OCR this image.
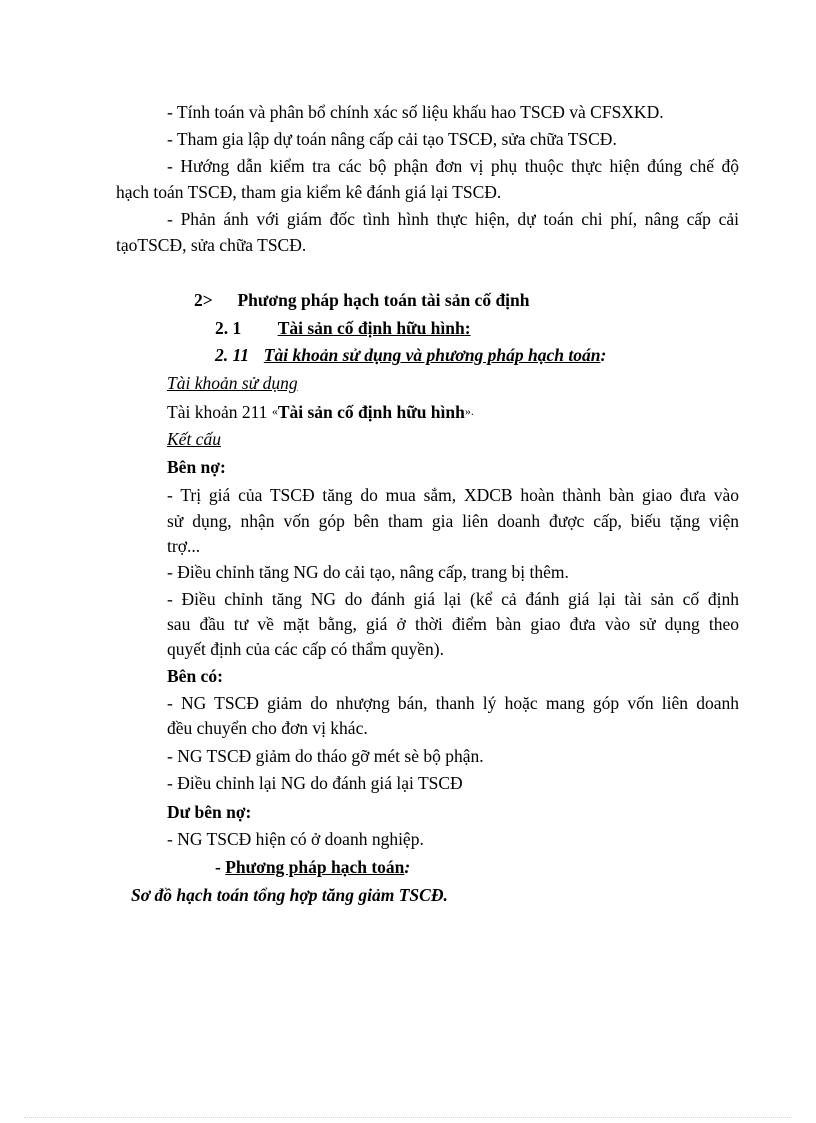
- Tính toán và phân bổ chính xác số liệu khấu hao TSCĐ và CFSXKD.
- Tham gia lập dự toán nâng cấp cải tạo TSCĐ, sửa chữa TSCĐ.
- Hướng dẫn kiểm tra các bộ phận đơn vị phụ thuộc thực hiện đúng chế độ
hạch toán TSCĐ, tham gia kiểm kê đánh giá lại TSCĐ.
- Phản ánh với giám đốc tình hình thực hiện, dự toán chi phí, nâng cấp cải
tạoTSCĐ, sửa chữa TSCĐ.
2> Phương pháp hạch toán tài sản cố định
2. 1 Tài sản cố định hữu hình:
2. 11 Tài khoản sử dụng và phương pháp hạch toán:
Tài khoản sử dụng
Tài khoản 211 «Tài sản cố định hữu hình».
Kết cấu
Bên nợ:
- Trị giá của TSCĐ tăng do mua sắm, XDCB hoàn thành bàn giao đưa vào
sử dụng, nhận vốn góp bên tham gia liên doanh được cấp, biếu tặng viện
trợ...
- Điều chỉnh tăng NG do cải tạo, nâng cấp, trang bị thêm.
- Điều chỉnh tăng NG do đánh giá lại (kể cả đánh giá lại tài sản cố định
sau đầu tư về mặt bằng, giá ở thời điểm bàn giao đưa vào sử dụng theo
quyết định của các cấp có thẩm quyền).
Bên có:
- NG TSCĐ giảm do nhượng bán, thanh lý hoặc mang góp vốn liên doanh
đều chuyển cho đơn vị khác.
- NG TSCĐ giảm do tháo gỡ mét sè bộ phận.
- Điều chỉnh lại NG do đánh giá lại TSCĐ
Dư bên nợ:
- NG TSCĐ hiện có ở doanh nghiệp.
- Phương pháp hạch toán:
Sơ đồ hạch toán tổng hợp tăng giảm TSCĐ.
